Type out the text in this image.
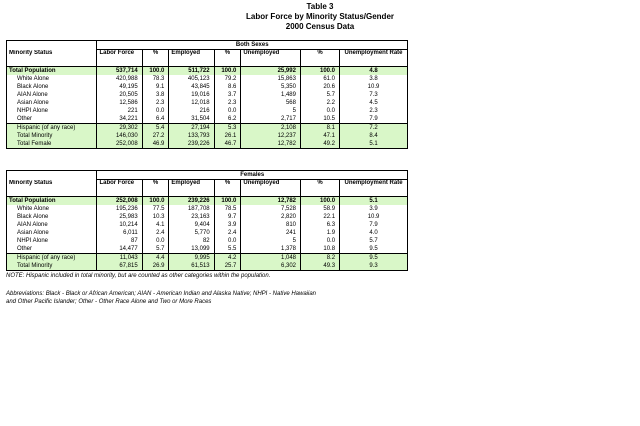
Table 3
Labor Force by Minority Status/Gender
2000 Census Data
	Both Sexes						
Minority Status	Labor Force	%	Employed	%	Unemployed	%	Unemployment Rate
Total Population	537,714	100.0	511,722	100.0	25,992	100.0	4.8
White Alone	420,988	78.3	405,123	79.2	15,863	61.0	3.8
Black Alone	49,195	9.1	43,845	8.6	5,350	20.6	10.9
AIAN Alone	20,505	3.8	19,016	3.7	1,489	5.7	7.3
Asian Alone	12,586	2.3	12,018	2.3	568	2.2	4.5
NHPI Alone	221	0.0	216	0.0	5	0.0	2.3
Other	34,221	6.4	31,504	6.2	2,717	10.5	7.9
Hispanic (of any race)	29,302	5.4	27,194	5.3	2,108	8.1	7.2
Total Minority	146,030	27.2	133,793	26.1	12,237	47.1	8.4
Total Female	252,008	46.9	239,226	46.7	12,782	49.2	5.1
	Females						
Minority Status	Labor Force	%	Employed	%	Unemployed	%	Unemployment Rate
Total Population	252,008	100.0	239,226	100.0	12,782	100.0	5.1
White Alone	195,236	77.5	187,708	78.5	7,528	58.9	3.9
Black Alone	25,983	10.3	23,163	9.7	2,820	22.1	10.9
AIAN Alone	10,214	4.1	9,404	3.9	810	6.3	7.9
Asian Alone	6,011	2.4	5,770	2.4	241	1.9	4.0
NHPI Alone	87	0.0	82	0.0	5	0.0	5.7
Other	14,477	5.7	13,099	5.5	1,378	10.8	9.5
Hispanic (of any race)	11,043	4.4	9,995	4.2	1,048	8.2	9.5
Total Minority	67,815	26.9	61,513	25.7	6,302	49.3	9.3
NOTE: Hispanic included in total minority, but are counted as other categories within the population.
Abbreviations: Black - Black or African American; AIAN - American Indian and Alaska Native; NHPI - Native Hawaiian
and Other Pacific Islander; Other - Other Race Alone and Two or More Races
